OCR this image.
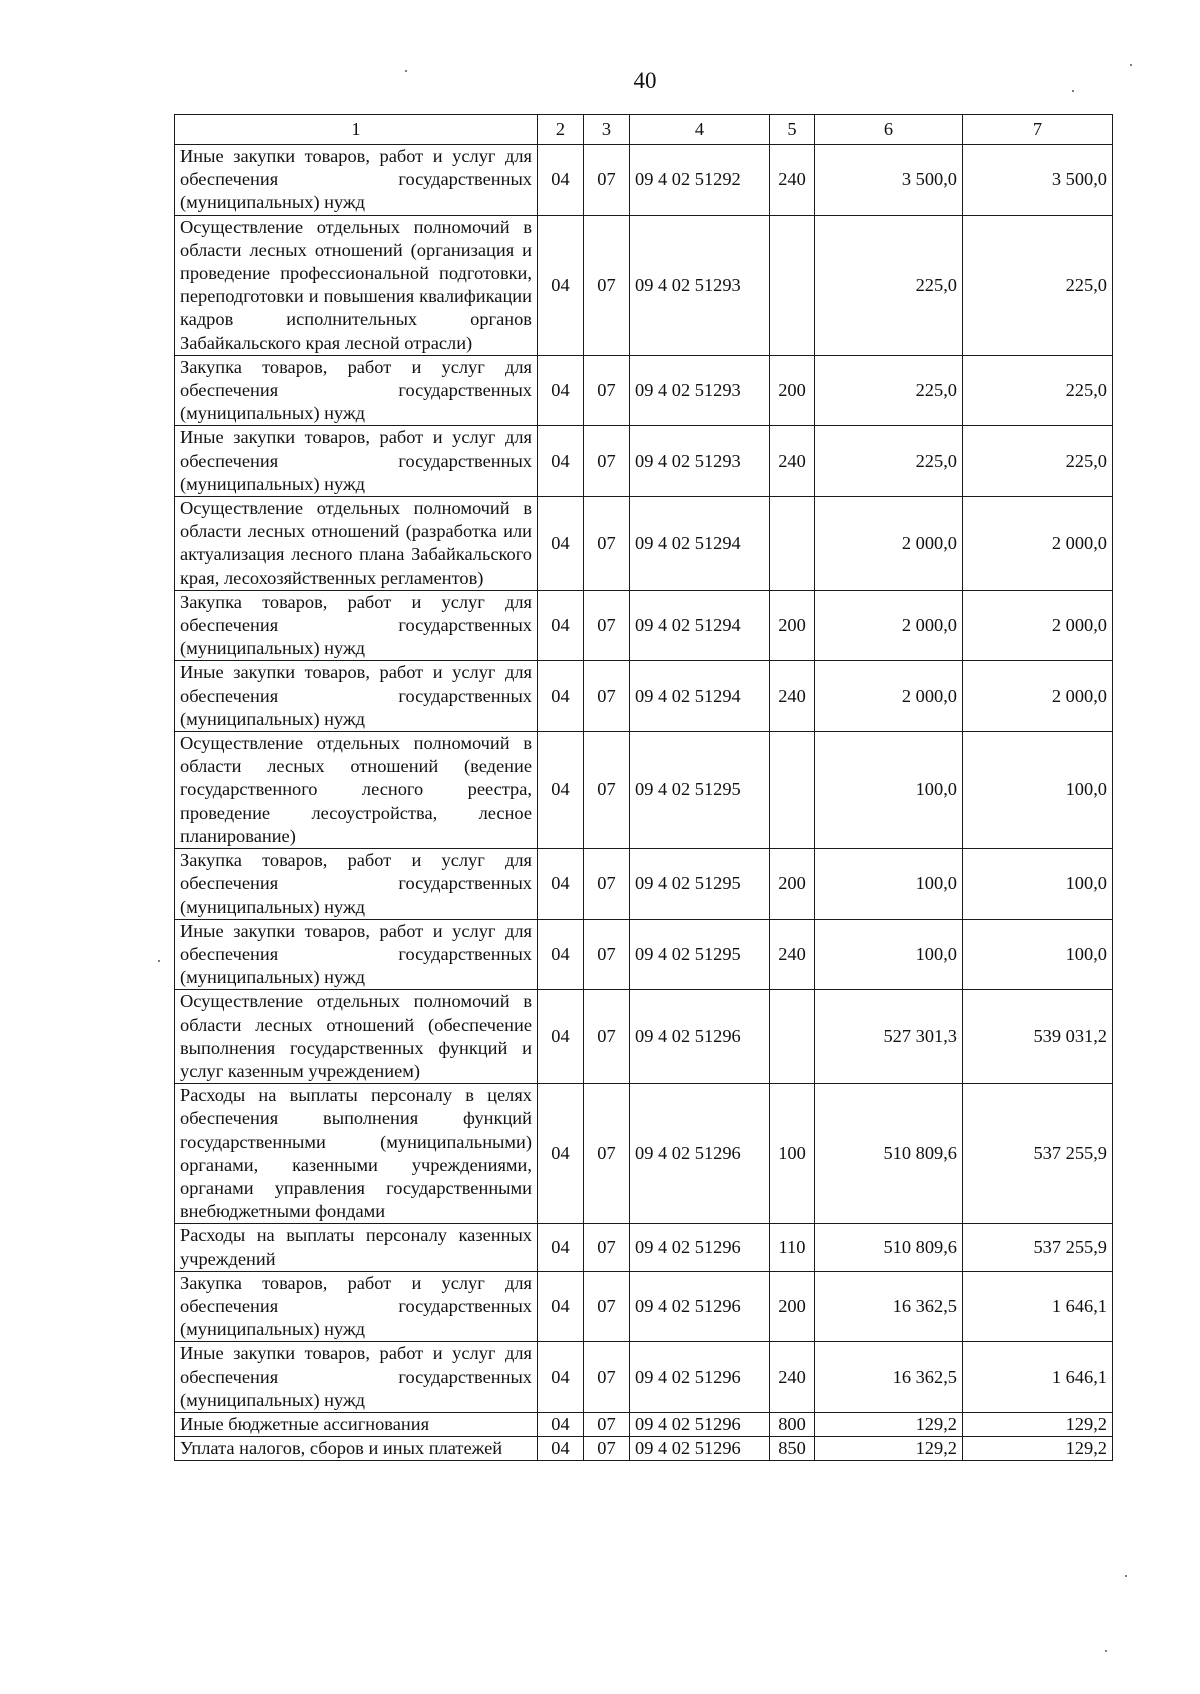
40
1	2	3	4	5	6	7
Иные закупки товаров, работ и услуг для обеспечения государственных (муниципальных) нужд	04	07	09 4 02 51292	240	3 500,0	3 500,0
Осуществление отдельных полномочий в области лесных отношений (организация и проведение профессиональной подготовки, переподготовки и повышения квалификации кадров исполнительных органов Забайкальского края лесной отрасли)	04	07	09 4 02 51293		225,0	225,0
Закупка товаров, работ и услуг для обеспечения государственных (муниципальных) нужд	04	07	09 4 02 51293	200	225,0	225,0
Иные закупки товаров, работ и услуг для обеспечения государственных (муниципальных) нужд	04	07	09 4 02 51293	240	225,0	225,0
Осуществление отдельных полномочий в области лесных отношений (разработка или актуализация лесного плана Забайкальского края, лесохозяйственных регламентов)	04	07	09 4 02 51294		2 000,0	2 000,0
Закупка товаров, работ и услуг для обеспечения государственных (муниципальных) нужд	04	07	09 4 02 51294	200	2 000,0	2 000,0
Иные закупки товаров, работ и услуг для обеспечения государственных (муниципальных) нужд	04	07	09 4 02 51294	240	2 000,0	2 000,0
Осуществление отдельных полномочий в области лесных отношений (ведение государственного лесного реестра, проведение лесоустройства, лесное планирование)	04	07	09 4 02 51295		100,0	100,0
Закупка товаров, работ и услуг для обеспечения государственных (муниципальных) нужд	04	07	09 4 02 51295	200	100,0	100,0
Иные закупки товаров, работ и услуг для обеспечения государственных (муниципальных) нужд	04	07	09 4 02 51295	240	100,0	100,0
Осуществление отдельных полномочий в области лесных отношений (обеспечение выполнения государственных функций и услуг казенным учреждением)	04	07	09 4 02 51296		527 301,3	539 031,2
Расходы на выплаты персоналу в целях обеспечения выполнения функций государственными (муниципальными) органами, казенными учреждениями, органами управления государственными внебюджетными фондами	04	07	09 4 02 51296	100	510 809,6	537 255,9
Расходы на выплаты персоналу казенных учреждений	04	07	09 4 02 51296	110	510 809,6	537 255,9
Закупка товаров, работ и услуг для обеспечения государственных (муниципальных) нужд	04	07	09 4 02 51296	200	16 362,5	1 646,1
Иные закупки товаров, работ и услуг для обеспечения государственных (муниципальных) нужд	04	07	09 4 02 51296	240	16 362,5	1 646,1
Иные бюджетные ассигнования	04	07	09 4 02 51296	800	129,2	129,2
Уплата налогов, сборов и иных платежей	04	07	09 4 02 51296	850	129,2	129,2
